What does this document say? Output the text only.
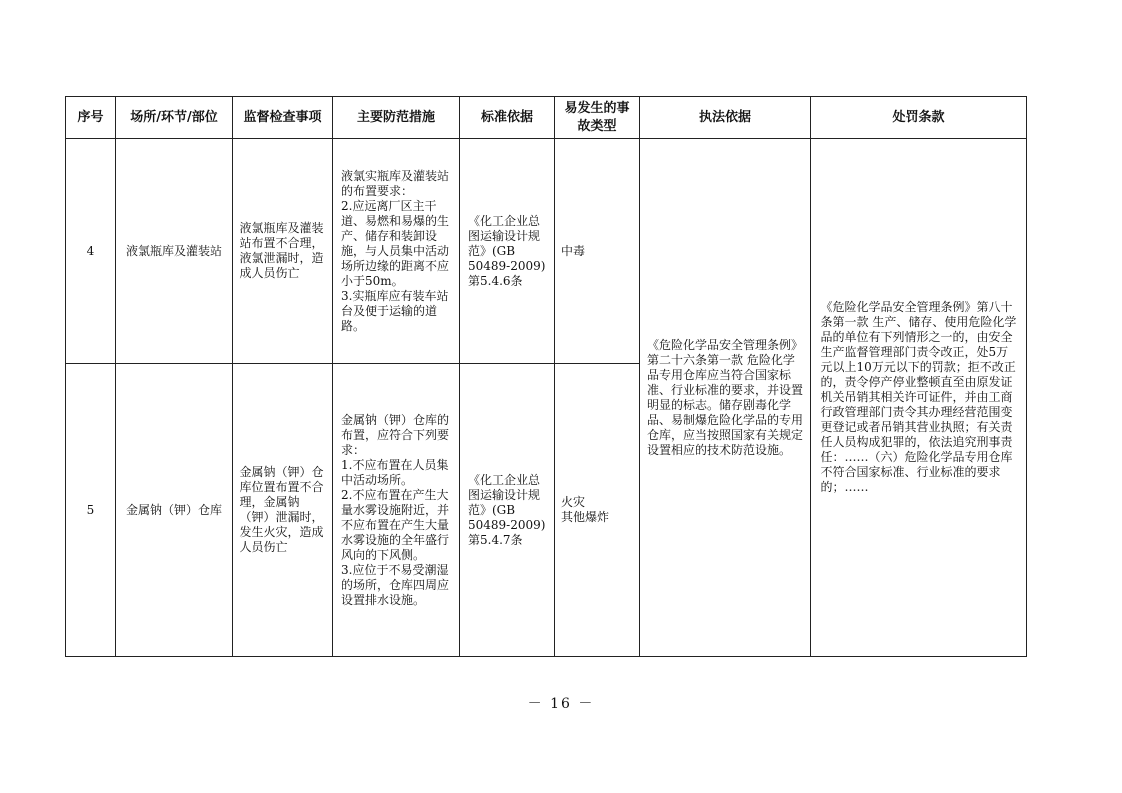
序号	场所/环节/部位	监督检查事项	主要防范措施	标准依据	易发生的事故类型	执法依据	处罚条款
4	液氯瓶库及灌装站	液氯瓶库及灌装站布置不合理，液氯泄漏时，造成人员伤亡	液氯实瓶库及灌装站的布置要求：
2.应远离厂区主干道、易燃和易爆的生产、储存和装卸设施，与人员集中活动场所边缘的距离不应小于50m。
3.实瓶库应有装车站台及便于运输的道路。	《化工企业总图运输设计规范》(GB 50489-2009)第5.4.6条	中毒	《危险化学品安全管理条例》第二十六条第一款 危险化学品专用仓库应当符合国家标准、行业标准的要求，并设置明显的标志。储存剧毒化学品、易制爆危险化学品的专用仓库，应当按照国家有关规定设置相应的技术防范设施。	《危险化学品安全管理条例》第八十条第一款 生产、储存、使用危险化学品的单位有下列情形之一的，由安全生产监督管理部门责令改正，处5万元以上10万元以下的罚款；拒不改正的，责令停产停业整顿直至由原发证机关吊销其相关许可证件，并由工商行政管理部门责令其办理经营范围变更登记或者吊销其营业执照；有关责任人员构成犯罪的，依法追究刑事责任：……（六）危险化学品专用仓库不符合国家标准、行业标准的要求的；……

5	金属钠（钾）仓库	金属钠（钾）仓库位置布置不合理，金属钠（钾）泄漏时，发生火灾，造成人员伤亡	金属钠（钾）仓库的布置，应符合下列要求：
1.不应布置在人员集中活动场所。
2.不应布置在产生大量水雾设施附近，并不应布置在产生大量水雾设施的全年盛行风向的下风侧。
3.应位于不易受潮湿的场所，仓库四周应设置排水设施。	《化工企业总图运输设计规范》(GB 50489-2009)第5.4.7条	火灾
其他爆炸		
－ 16 －
